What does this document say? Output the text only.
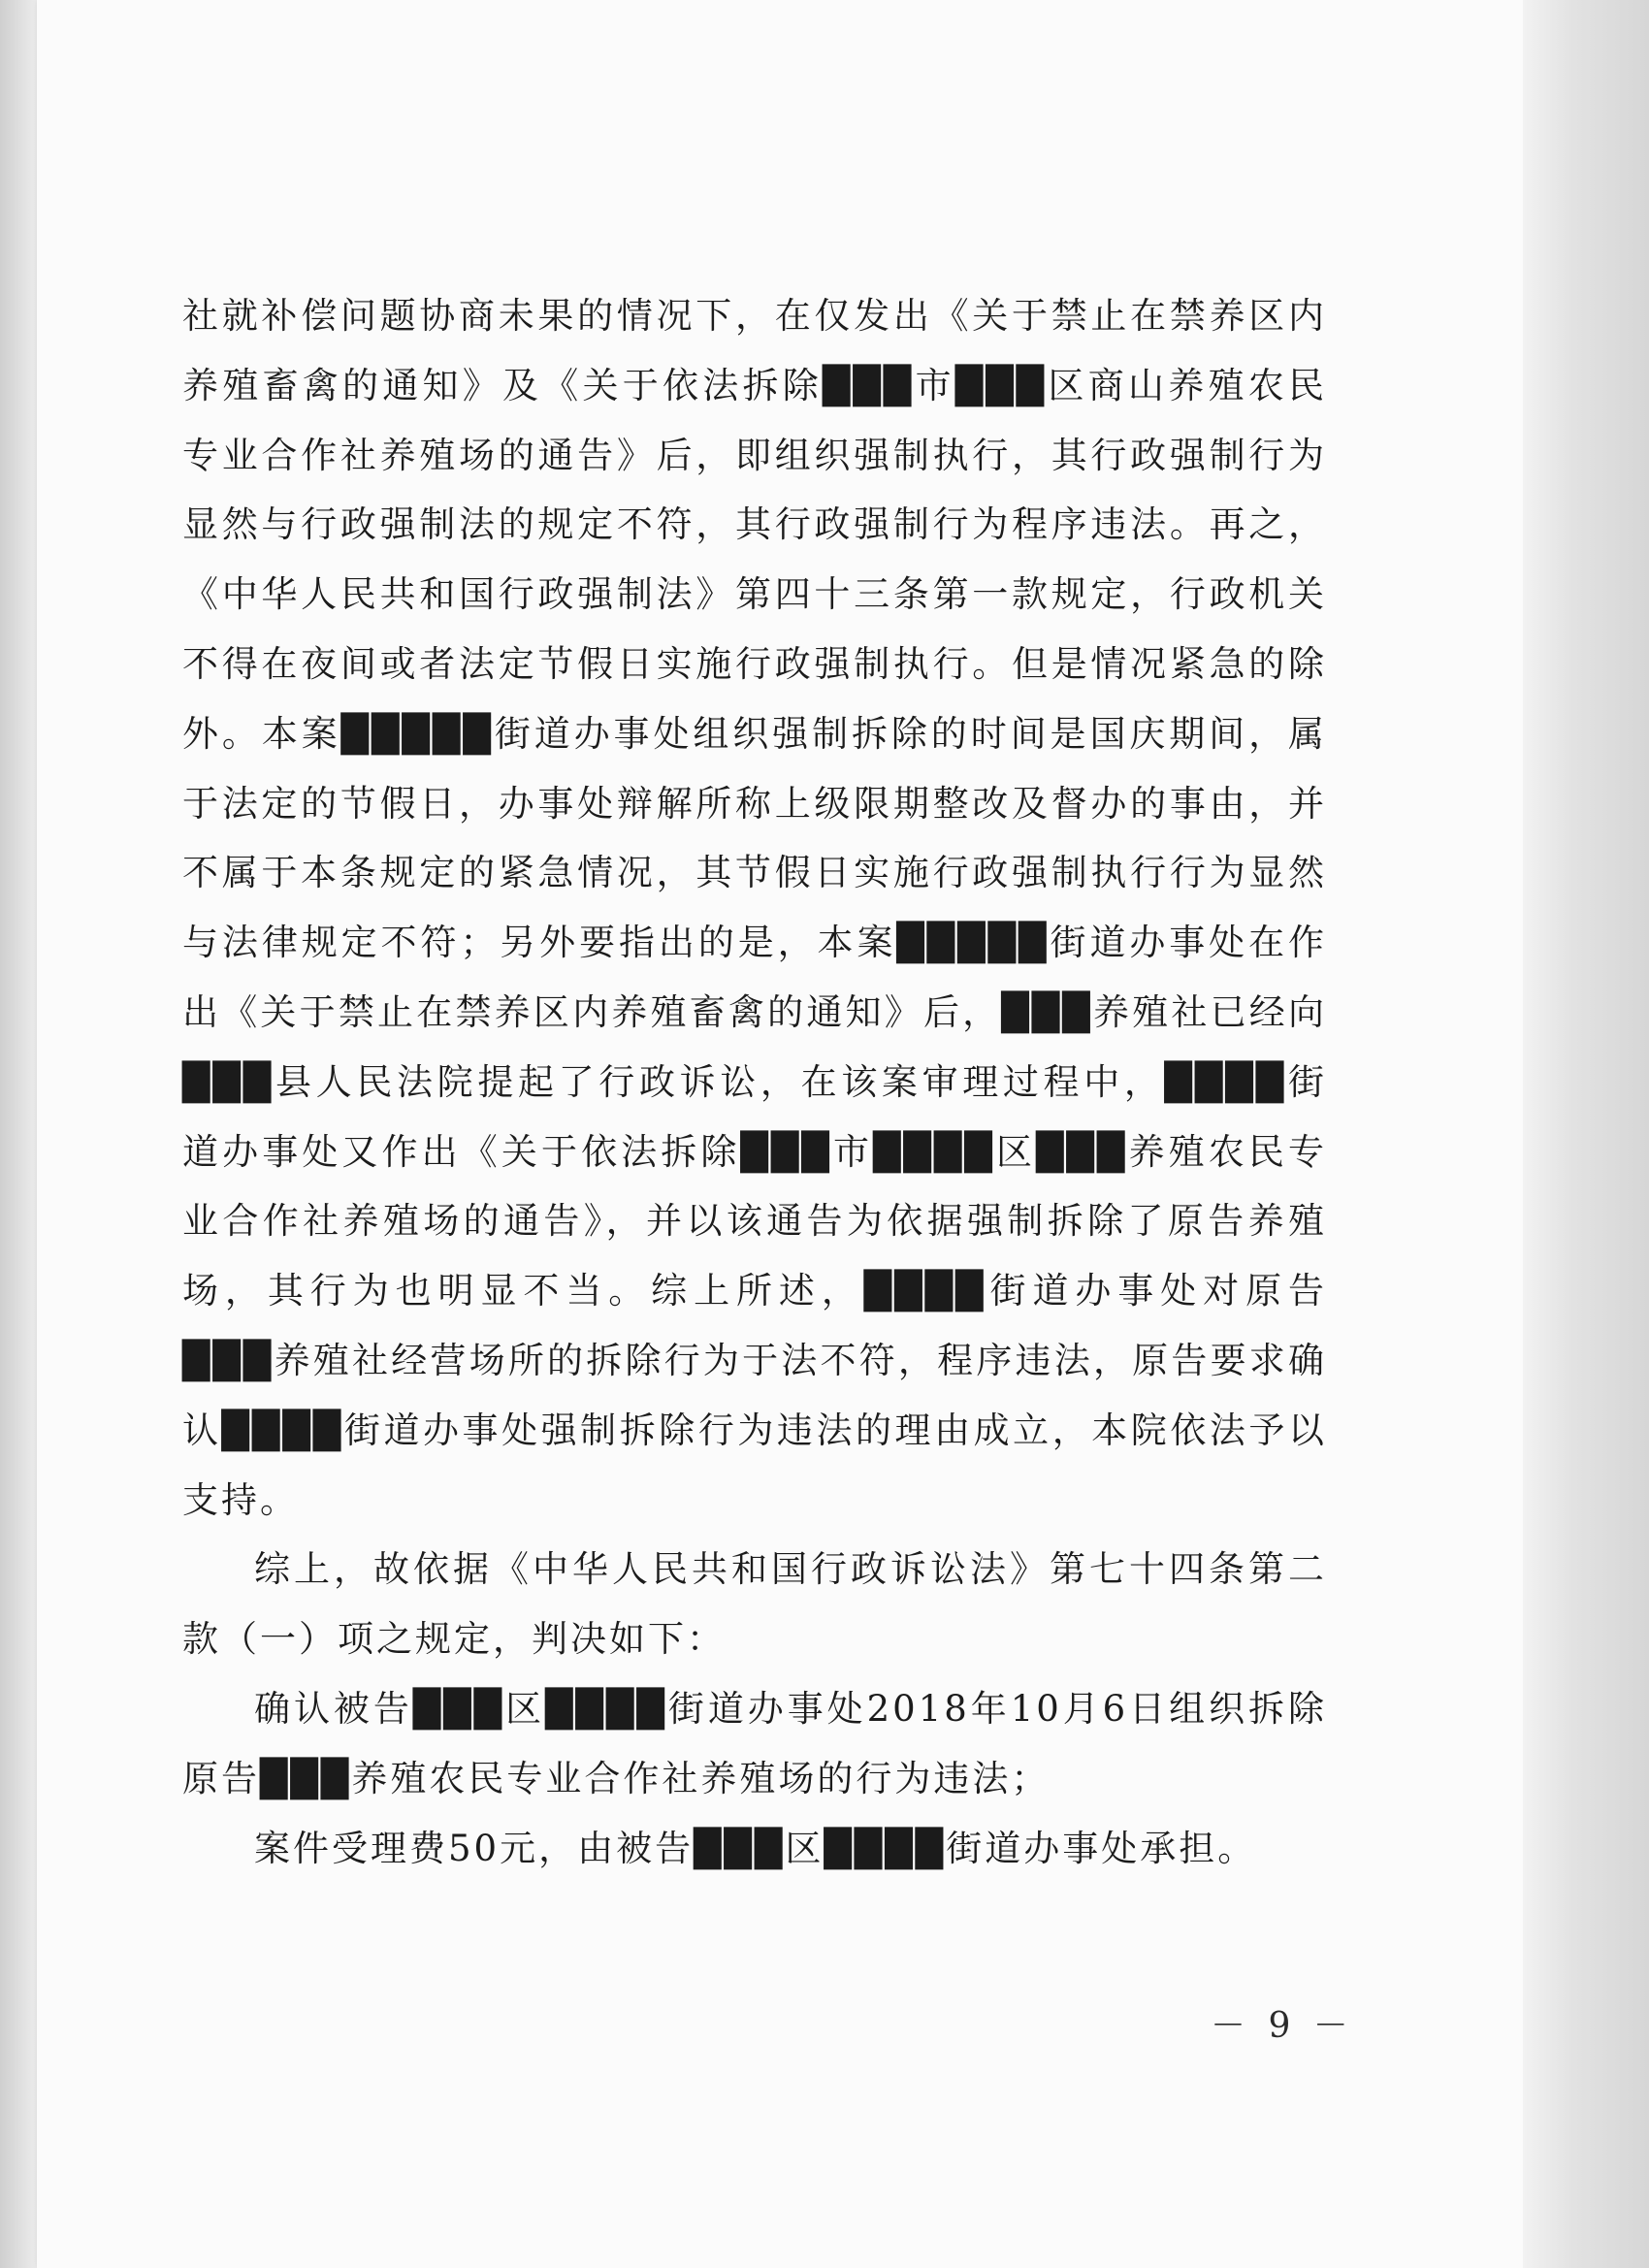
社就补偿问题协商未果的情况下，在仅发出《关于禁止在禁养区内养殖畜禽的通知》及《关于依法拆除███市███区商山养殖农民专业合作社养殖场的通告》后，即组织强制执行，其行政强制行为显然与行政强制法的规定不符，其行政强制行为程序违法。再之，《中华人民共和国行政强制法》第四十三条第一款规定，行政机关不得在夜间或者法定节假日实施行政强制执行。但是情况紧急的除外。本案█████街道办事处组织强制拆除的时间是国庆期间，属于法定的节假日，办事处辩解所称上级限期整改及督办的事由，并不属于本条规定的紧急情况，其节假日实施行政强制执行行为显然与法律规定不符；另外要指出的是，本案█████街道办事处在作出《关于禁止在禁养区内养殖畜禽的通知》后，███养殖社已经向███县人民法院提起了行政诉讼，在该案审理过程中，████街道办事处又作出《关于依法拆除███市████区███养殖农民专业合作社养殖场的通告》，并以该通告为依据强制拆除了原告养殖场，其行为也明显不当。综上所述，████街道办事处对原告███养殖社经营场所的拆除行为于法不符，程序违法，原告要求确认████街道办事处强制拆除行为违法的理由成立，本院依法予以支持。

综上，故依据《中华人民共和国行政诉讼法》第七十四条第二款（一）项之规定，判决如下：

确认被告███区████街道办事处2018年10月6日组织拆除原告███养殖农民专业合作社养殖场的行为违法；

案件受理费50元，由被告███区████街道办事处承担。

－ 9 －
